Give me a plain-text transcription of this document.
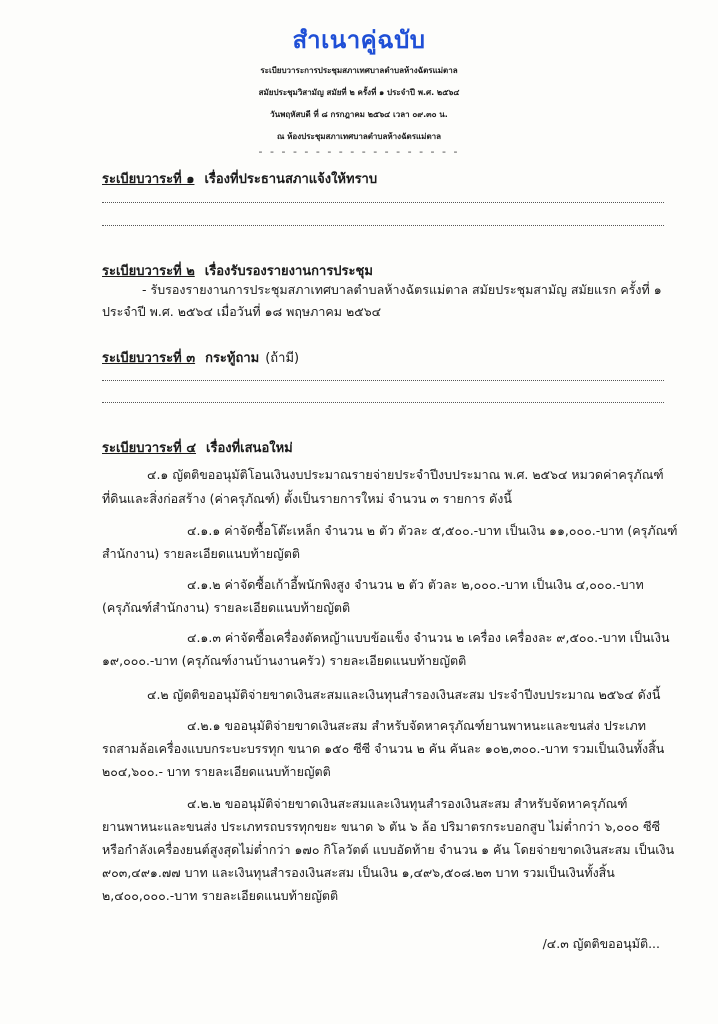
สำเนาคู่ฉบับ
ระเบียบวาระการประชุมสภาเทศบาลตำบลห้างฉัตรแม่ตาล
สมัยประชุมวิสามัญ สมัยที่ ๒ ครั้งที่ ๑ ประจำปี พ.ศ. ๒๕๖๔
วันพฤหัสบดี ที่ ๘ กรกฎาคม ๒๕๖๔ เวลา ๐๙.๓๐ น.
ณ ห้องประชุมสภาเทศบาลตำบลห้างฉัตรแม่ตาล
- - - - - - - - - - - - - - - - - -
ระเบียบวาระที่ ๑ เรื่องที่ประธานสภาแจ้งให้ทราบ
ระเบียบวาระที่ ๒ เรื่องรับรองรายงานการประชุม
- รับรองรายงานการประชุมสภาเทศบาลตำบลห้างฉัตรแม่ตาล สมัยประชุมสามัญ สมัยแรก ครั้งที่ ๑
ประจำปี พ.ศ. ๒๕๖๔ เมื่อวันที่ ๑๘ พฤษภาคม ๒๕๖๔
ระเบียบวาระที่ ๓ กระทู้ถาม (ถ้ามี)
ระเบียบวาระที่ ๔ เรื่องที่เสนอใหม่
๔.๑ ญัตติขออนุมัติโอนเงินงบประมาณรายจ่ายประจำปีงบประมาณ พ.ศ. ๒๕๖๔ หมวดค่าครุภัณฑ์
ที่ดินและสิ่งก่อสร้าง (ค่าครุภัณฑ์) ตั้งเป็นรายการใหม่ จำนวน ๓ รายการ ดังนี้
๔.๑.๑ ค่าจัดซื้อโต๊ะเหล็ก จำนวน ๒ ตัว ตัวละ ๕,๕๐๐.-บาท เป็นเงิน ๑๑,๐๐๐.-บาท (ครุภัณฑ์
สำนักงาน) รายละเอียดแนบท้ายญัตติ
๔.๑.๒ ค่าจัดซื้อเก้าอี้พนักพิงสูง จำนวน ๒ ตัว ตัวละ ๒,๐๐๐.-บาท เป็นเงิน ๔,๐๐๐.-บาท
(ครุภัณฑ์สำนักงาน) รายละเอียดแนบท้ายญัตติ
๔.๑.๓ ค่าจัดซื้อเครื่องตัดหญ้าแบบข้อแข็ง จำนวน ๒ เครื่อง เครื่องละ ๙,๕๐๐.-บาท เป็นเงิน
๑๙,๐๐๐.-บาท (ครุภัณฑ์งานบ้านงานครัว) รายละเอียดแนบท้ายญัตติ
๔.๒ ญัตติขออนุมัติจ่ายขาดเงินสะสมและเงินทุนสำรองเงินสะสม ประจำปีงบประมาณ ๒๕๖๔ ดังนี้
๔.๒.๑ ขออนุมัติจ่ายขาดเงินสะสม สำหรับจัดหาครุภัณฑ์ยานพาหนะและขนส่ง ประเภท
รถสามล้อเครื่องแบบกระบะบรรทุก ขนาด ๑๕๐ ซีซี จำนวน ๒ คัน คันละ ๑๐๒,๓๐๐.-บาท รวมเป็นเงินทั้งสิ้น
๒๐๔,๖๐๐.- บาท รายละเอียดแนบท้ายญัตติ
๔.๒.๒ ขออนุมัติจ่ายขาดเงินสะสมและเงินทุนสำรองเงินสะสม สำหรับจัดหาครุภัณฑ์
ยานพาหนะและขนส่ง ประเภทรถบรรทุกขยะ ขนาด ๖ ตัน ๖ ล้อ ปริมาตรกระบอกสูบ ไม่ต่ำกว่า ๖,๐๐๐ ซีซี
หรือกำลังเครื่องยนต์สูงสุดไม่ต่ำกว่า ๑๗๐ กิโลวัตต์ แบบอัดท้าย จำนวน ๑ คัน โดยจ่ายขาดเงินสะสม เป็นเงิน
๙๐๓,๔๙๑.๗๗ บาท และเงินทุนสำรองเงินสะสม เป็นเงิน ๑,๔๙๖,๕๐๘.๒๓ บาท รวมเป็นเงินทั้งสิ้น
๒,๔๐๐,๐๐๐.-บาท รายละเอียดแนบท้ายญัตติ
/๔.๓ ญัตติขออนุมัติ...
